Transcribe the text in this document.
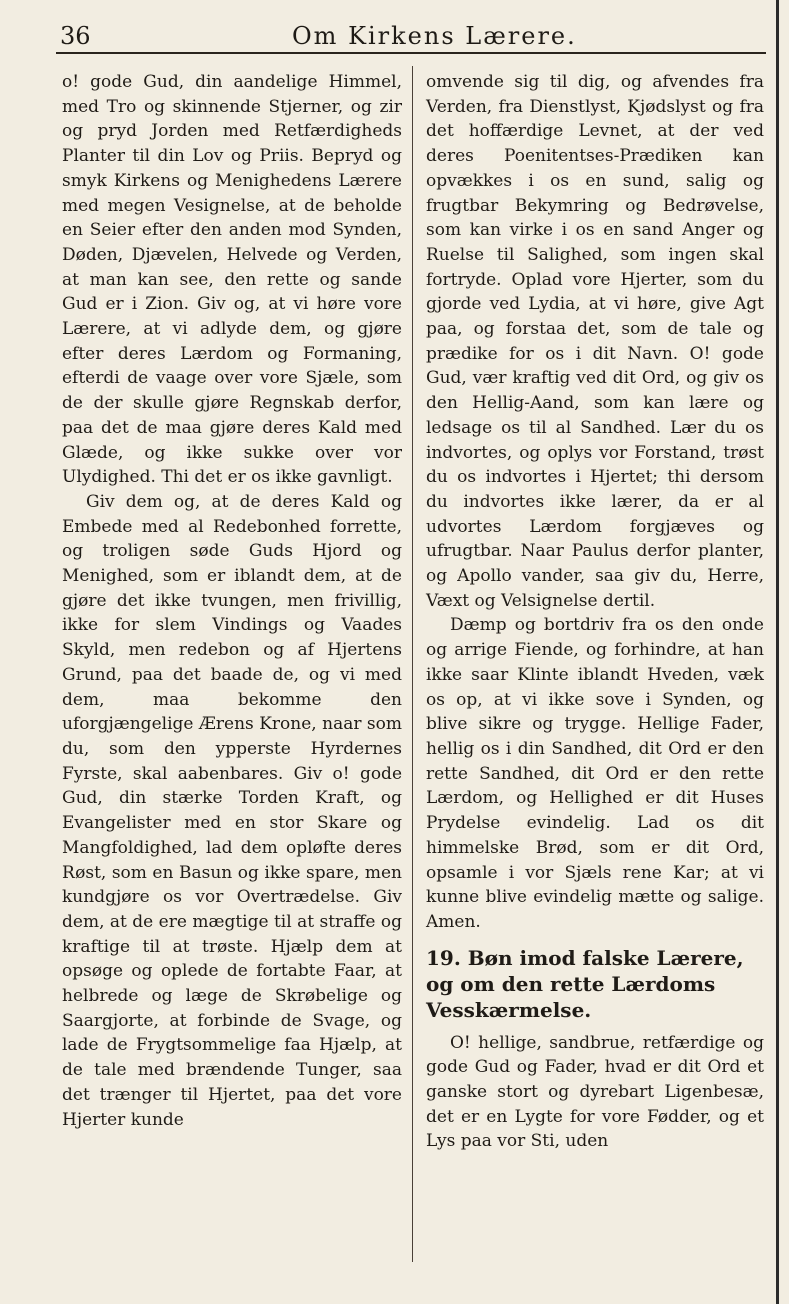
36	Om Kirkens Lærere.

o! gode Gud, din aandelige Himmel, med Tro og skinnende Stjerner, og zir og pryd Jorden med Retfærdigheds Planter til din Lov og Priis. Bepryd og smyk Kirkens og Menighedens Lærere med megen Vesignelse, at de beholde en Seier efter den anden mod Synden, Døden, Djævelen, Helvede og Verden, at man kan see, den rette og sande Gud er i Zion. Giv og, at vi høre vore Lærere, at vi adlyde dem, og gjøre efter deres Lærdom og Formaning, efterdi de vaage over vore Sjæle, som de der skulle gjøre Regnskab derfor, paa det de maa gjøre deres Kald med Glæde, og ikke sukke over vor Ulydighed. Thi det er os ikke gavnligt.

Giv dem og, at de deres Kald og Embede med al Redebonhed forrette, og troligen søde Guds Hjord og Menighed, som er iblandt dem, at de gjøre det ikke tvungen, men frivillig, ikke for slem Vindings og Vaades Skyld, men redebon og af Hjertens Grund, paa det baade de, og vi med dem, maa bekomme den uforgjængelige Ærens Krone, naar som du, som den ypperste Hyrdernes Fyrste, skal aabenbares. Giv o! gode Gud, din stærke Torden Kraft, og Evangelister med en stor Skare og Mangfoldighed, lad dem opløfte deres Røst, som en Basun og ikke spare, men kundgjøre os vor Overtrædelse. Giv dem, at de ere mægtige til at straffe og kraftige til at trøste. Hjælp dem at opsøge og oplede de fortabte Faar, at helbrede og læge de Skrøbelige og Saargjorte, at forbinde de Svage, og lade de Frygtsommelige faa Hjælp, at de tale med brændende Tunger, saa det trænger til Hjertet, paa det vore Hjerter kunde

omvende sig til dig, og afvendes fra Verden, fra Dienstlyst, Kjødslyst og fra det hoffærdige Levnet, at der ved deres Poenitentses-Prædiken kan opvækkes i os en sund, salig og frugtbar Bekymring og Bedrøvelse, som kan virke i os en sand Anger og Ruelse til Salighed, som ingen skal fortryde. Oplad vore Hjerter, som du gjorde ved Lydia, at vi høre, give Agt paa, og forstaa det, som de tale og prædike for os i dit Navn. O! gode Gud, vær kraftig ved dit Ord, og giv os den Hellig-Aand, som kan lære og ledsage os til al Sandhed. Lær du os indvortes, og oplys vor Forstand, trøst du os indvortes i Hjertet; thi dersom du indvortes ikke lærer, da er al udvortes Lærdom forgjæves og ufrugtbar. Naar Paulus derfor planter, og Apollo vander, saa giv du, Herre, Væxt og Velsignelse dertil.

Dæmp og bortdriv fra os den onde og arrige Fiende, og forhindre, at han ikke saar Klinte iblandt Hveden, væk os op, at vi ikke sove i Synden, og blive sikre og trygge. Hellige Fader, hellig os i din Sandhed, dit Ord er den rette Sandhed, dit Ord er den rette Lærdom, og Hellighed er dit Huses Prydelse evindelig. Lad os dit himmelske Brød, som er dit Ord, opsamle i vor Sjæls rene Kar; at vi kunne blive evindelig mætte og salige. Amen.

19. Bøn imod falske Lærere, og om den rette Lærdoms Vesskærmelse.

O! hellige, sandbrue, retfærdige og gode Gud og Fader, hvad er dit Ord et ganske stort og dyrebart Ligenbesæ, det er en Lygte for vore Fødder, og et Lys paa vor Sti, uden
